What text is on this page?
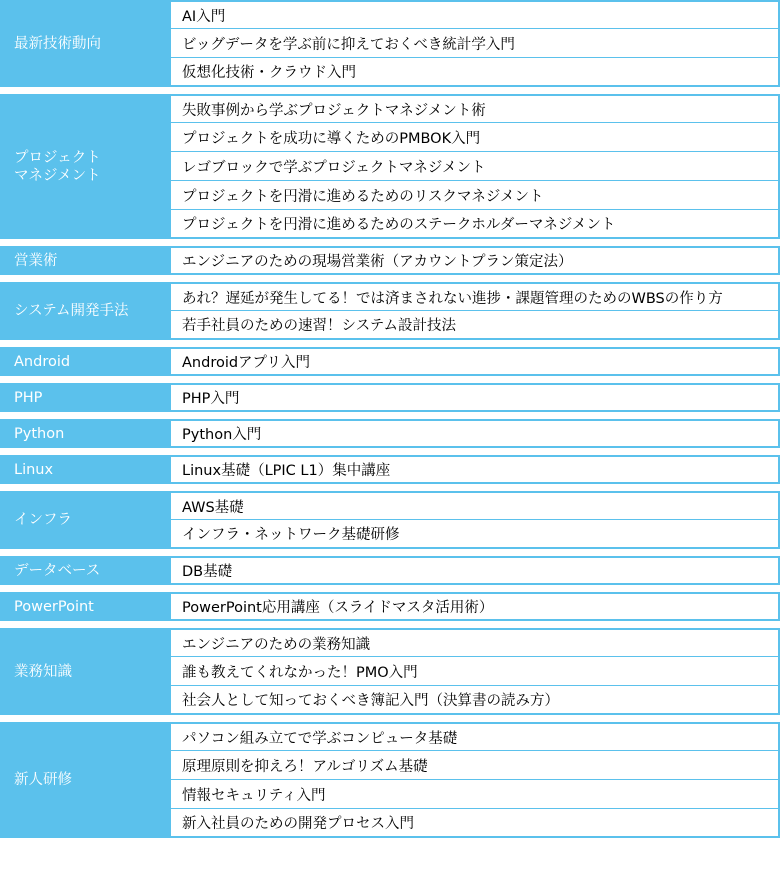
最新技術動向	AI入門
	ビッグデータを学ぶ前に抑えておくべき統計学入門
	仮想化技術・クラウド入門

プロジェクト
マネジメント	失敗事例から学ぶプロジェクトマネジメント術
	プロジェクトを成功に導くためのPMBOK入門
	レゴブロックで学ぶプロジェクトマネジメント
	プロジェクトを円滑に進めるためのリスクマネジメント
	プロジェクトを円滑に進めるためのステークホルダーマネジメント

営業術	エンジニアのための現場営業術（アカウントプラン策定法）

システム開発手法	あれ？遅延が発生してる！では済まされない進捗・課題管理のためのWBSの作り方
	若手社員のための速習！システム設計技法

Android	Androidアプリ入門

PHP	PHP入門

Python	Python入門

Linux	Linux基礎（LPIC L1）集中講座

インフラ	AWS基礎
	インフラ・ネットワーク基礎研修

データベース	DB基礎

PowerPoint	PowerPoint応用講座（スライドマスタ活用術）

業務知識	エンジニアのための業務知識
	誰も教えてくれなかった！PMO入門
	社会人として知っておくべき簿記入門（決算書の読み方）

新人研修	パソコン組み立てで学ぶコンピュータ基礎
	原理原則を抑えろ！アルゴリズム基礎
	情報セキュリティ入門
	新入社員のための開発プロセス入門
